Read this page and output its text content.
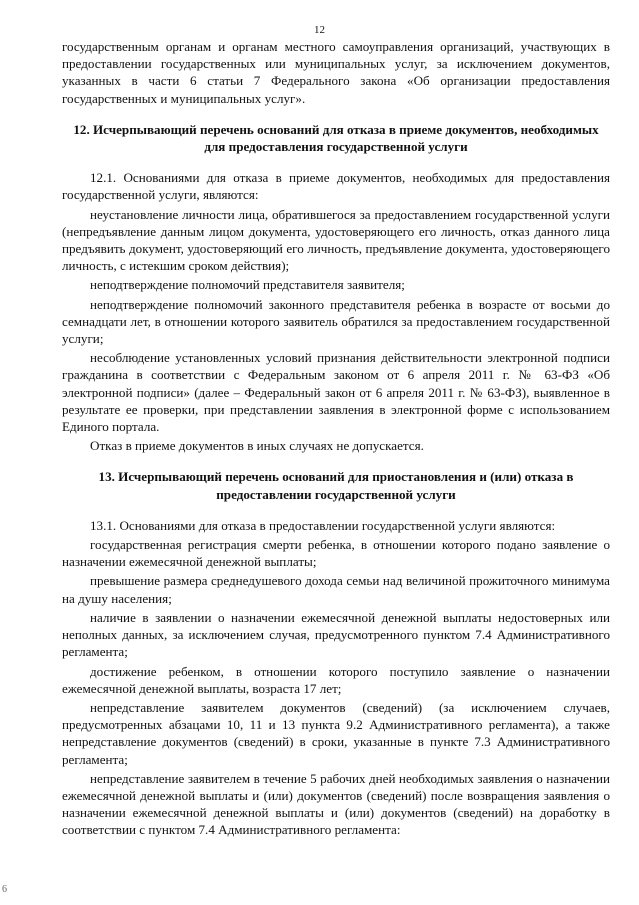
12

государственным органам и органам местного самоуправления организаций, участвующих в предоставлении государственных или муниципальных услуг, за исключением документов, указанных в части 6 статьи 7 Федерального закона «Об организации предоставления государственных и муниципальных услуг».

12. Исчерпывающий перечень оснований для отказа в приеме документов, необходимых для предоставления государственной услуги

12.1. Основаниями для отказа в приеме документов, необходимых для предоставления государственной услуги, являются:

неустановление личности лица, обратившегося за предоставлением государственной услуги (непредъявление данным лицом документа, удостоверяющего его личность, отказ данного лица предъявить документ, удостоверяющий его личность, предъявление документа, удостоверяющего личность, с истекшим сроком действия);

неподтверждение полномочий представителя заявителя;

неподтверждение полномочий законного представителя ребенка в возрасте от восьми до семнадцати лет, в отношении которого заявитель обратился за предоставлением государственной услуги;

несоблюдение установленных условий признания действительности электронной подписи гражданина в соответствии с Федеральным законом от 6 апреля 2011 г. № 63-ФЗ «Об электронной подписи» (далее – Федеральный закон от 6 апреля 2011 г. № 63-ФЗ), выявленное в результате ее проверки, при представлении заявления в электронной форме с использованием Единого портала.

Отказ в приеме документов в иных случаях не допускается.

13. Исчерпывающий перечень оснований для приостановления и (или) отказа в предоставлении государственной услуги

13.1. Основаниями для отказа в предоставлении государственной услуги являются:

государственная регистрация смерти ребенка, в отношении которого подано заявление о назначении ежемесячной денежной выплаты;

превышение размера среднедушевого дохода семьи над величиной прожиточного минимума на душу населения;

наличие в заявлении о назначении ежемесячной денежной выплаты недостоверных или неполных данных, за исключением случая, предусмотренного пунктом 7.4 Административного регламента;

достижение ребенком, в отношении которого поступило заявление о назначении ежемесячной денежной выплаты, возраста 17 лет;

непредставление заявителем документов (сведений) (за исключением случаев, предусмотренных абзацами 10, 11 и 13 пункта 9.2 Административного регламента), а также непредставление документов (сведений) в сроки, указанные в пункте 7.3 Административного регламента;

непредставление заявителем в течение 5 рабочих дней необходимых заявления о назначении ежемесячной денежной выплаты и (или) документов (сведений) после возвращения заявления о назначении ежемесячной денежной выплаты и (или) документов (сведений) на доработку в соответствии с пунктом 7.4 Административного регламента:

6
